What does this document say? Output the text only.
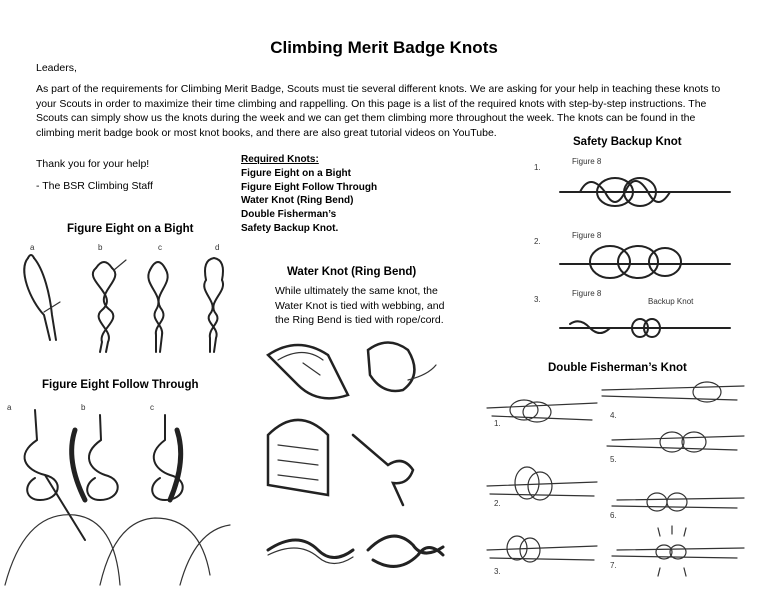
Climbing Merit Badge Knots
Leaders,
As part of the requirements for Climbing Merit Badge, Scouts must tie several different knots. We are asking for your help in teaching these knots to your Scouts in order to maximize their time climbing and rappelling. On this page is a list of the required knots with step-by-step instructions. The Scouts can simply show us the knots during the week and we can get them climbing more throughout the week. The knots can be found in the climbing merit badge book or most knot books, and there are also great tutorial videos on YouTube.
Thank you for your help!
- The BSR Climbing Staff
Required Knots:
Figure Eight on a Bight
Figure Eight Follow Through
Water Knot (Ring Bend)
Double Fisherman’s
Safety Backup Knot.
Figure Eight on a Bight
a	b	c	d
Water Knot (Ring Bend)
While ultimately the same knot, the Water Knot is tied with webbing, and the Ring Bend is tied with rope/cord.
Safety Backup Knot
1.
2.
3.
Figure 8
Figure 8
Figure 8
Backup Knot
Figure Eight Follow Through
a	b	c
Double Fisherman’s Knot
1.
2.
3.
4.
5.
6.
7.
